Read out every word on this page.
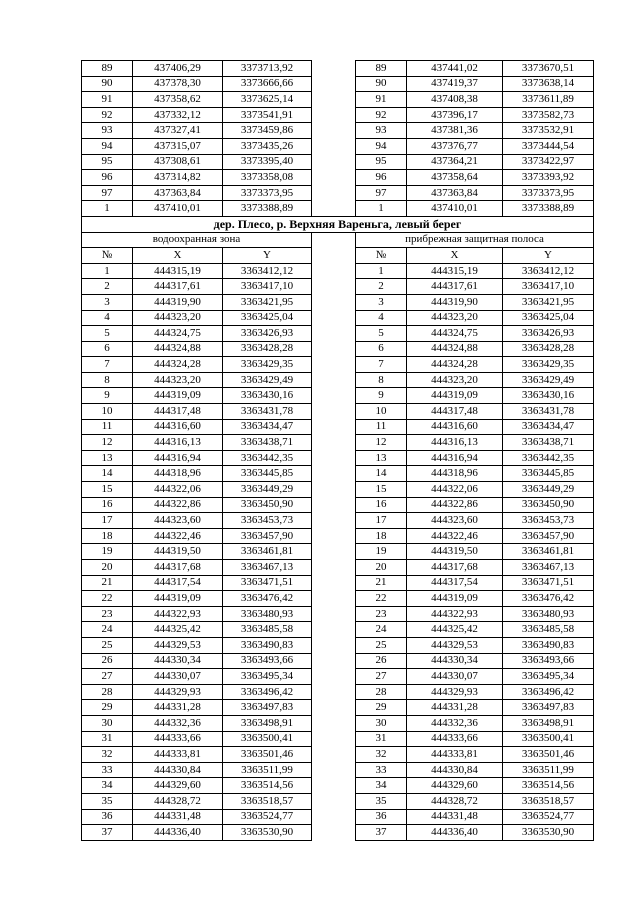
89	437406,29	3373713,92		89	437441,02	3373670,51
90	437378,30	3373666,66		90	437419,37	3373638,14
91	437358,62	3373625,14		91	437408,38	3373611,89
92	437332,12	3373541,91		92	437396,17	3373582,73
93	437327,41	3373459,86		93	437381,36	3373532,91
94	437315,07	3373435,26		94	437376,77	3373444,54
95	437308,61	3373395,40		95	437364,21	3373422,97
96	437314,82	3373358,08		96	437358,64	3373393,92
97	437363,84	3373373,95		97	437363,84	3373373,95
1	437410,01	3373388,89		1	437410,01	3373388,89
дер. Плесо, р. Верхняя Вареньга, левый берег						
водоохранная зона				прибрежная защитная полоса		
№	X	Y		№	X	Y
1	444315,19	3363412,12		1	444315,19	3363412,12
2	444317,61	3363417,10		2	444317,61	3363417,10
3	444319,90	3363421,95		3	444319,90	3363421,95
4	444323,20	3363425,04		4	444323,20	3363425,04
5	444324,75	3363426,93		5	444324,75	3363426,93
6	444324,88	3363428,28		6	444324,88	3363428,28
7	444324,28	3363429,35		7	444324,28	3363429,35
8	444323,20	3363429,49		8	444323,20	3363429,49
9	444319,09	3363430,16		9	444319,09	3363430,16
10	444317,48	3363431,78		10	444317,48	3363431,78
11	444316,60	3363434,47		11	444316,60	3363434,47
12	444316,13	3363438,71		12	444316,13	3363438,71
13	444316,94	3363442,35		13	444316,94	3363442,35
14	444318,96	3363445,85		14	444318,96	3363445,85
15	444322,06	3363449,29		15	444322,06	3363449,29
16	444322,86	3363450,90		16	444322,86	3363450,90
17	444323,60	3363453,73		17	444323,60	3363453,73
18	444322,46	3363457,90		18	444322,46	3363457,90
19	444319,50	3363461,81		19	444319,50	3363461,81
20	444317,68	3363467,13		20	444317,68	3363467,13
21	444317,54	3363471,51		21	444317,54	3363471,51
22	444319,09	3363476,42		22	444319,09	3363476,42
23	444322,93	3363480,93		23	444322,93	3363480,93
24	444325,42	3363485,58		24	444325,42	3363485,58
25	444329,53	3363490,83		25	444329,53	3363490,83
26	444330,34	3363493,66		26	444330,34	3363493,66
27	444330,07	3363495,34		27	444330,07	3363495,34
28	444329,93	3363496,42		28	444329,93	3363496,42
29	444331,28	3363497,83		29	444331,28	3363497,83
30	444332,36	3363498,91		30	444332,36	3363498,91
31	444333,66	3363500,41		31	444333,66	3363500,41
32	444333,81	3363501,46		32	444333,81	3363501,46
33	444330,84	3363511,99		33	444330,84	3363511,99
34	444329,60	3363514,56		34	444329,60	3363514,56
35	444328,72	3363518,57		35	444328,72	3363518,57
36	444331,48	3363524,77		36	444331,48	3363524,77
37	444336,40	3363530,90		37	444336,40	3363530,90
